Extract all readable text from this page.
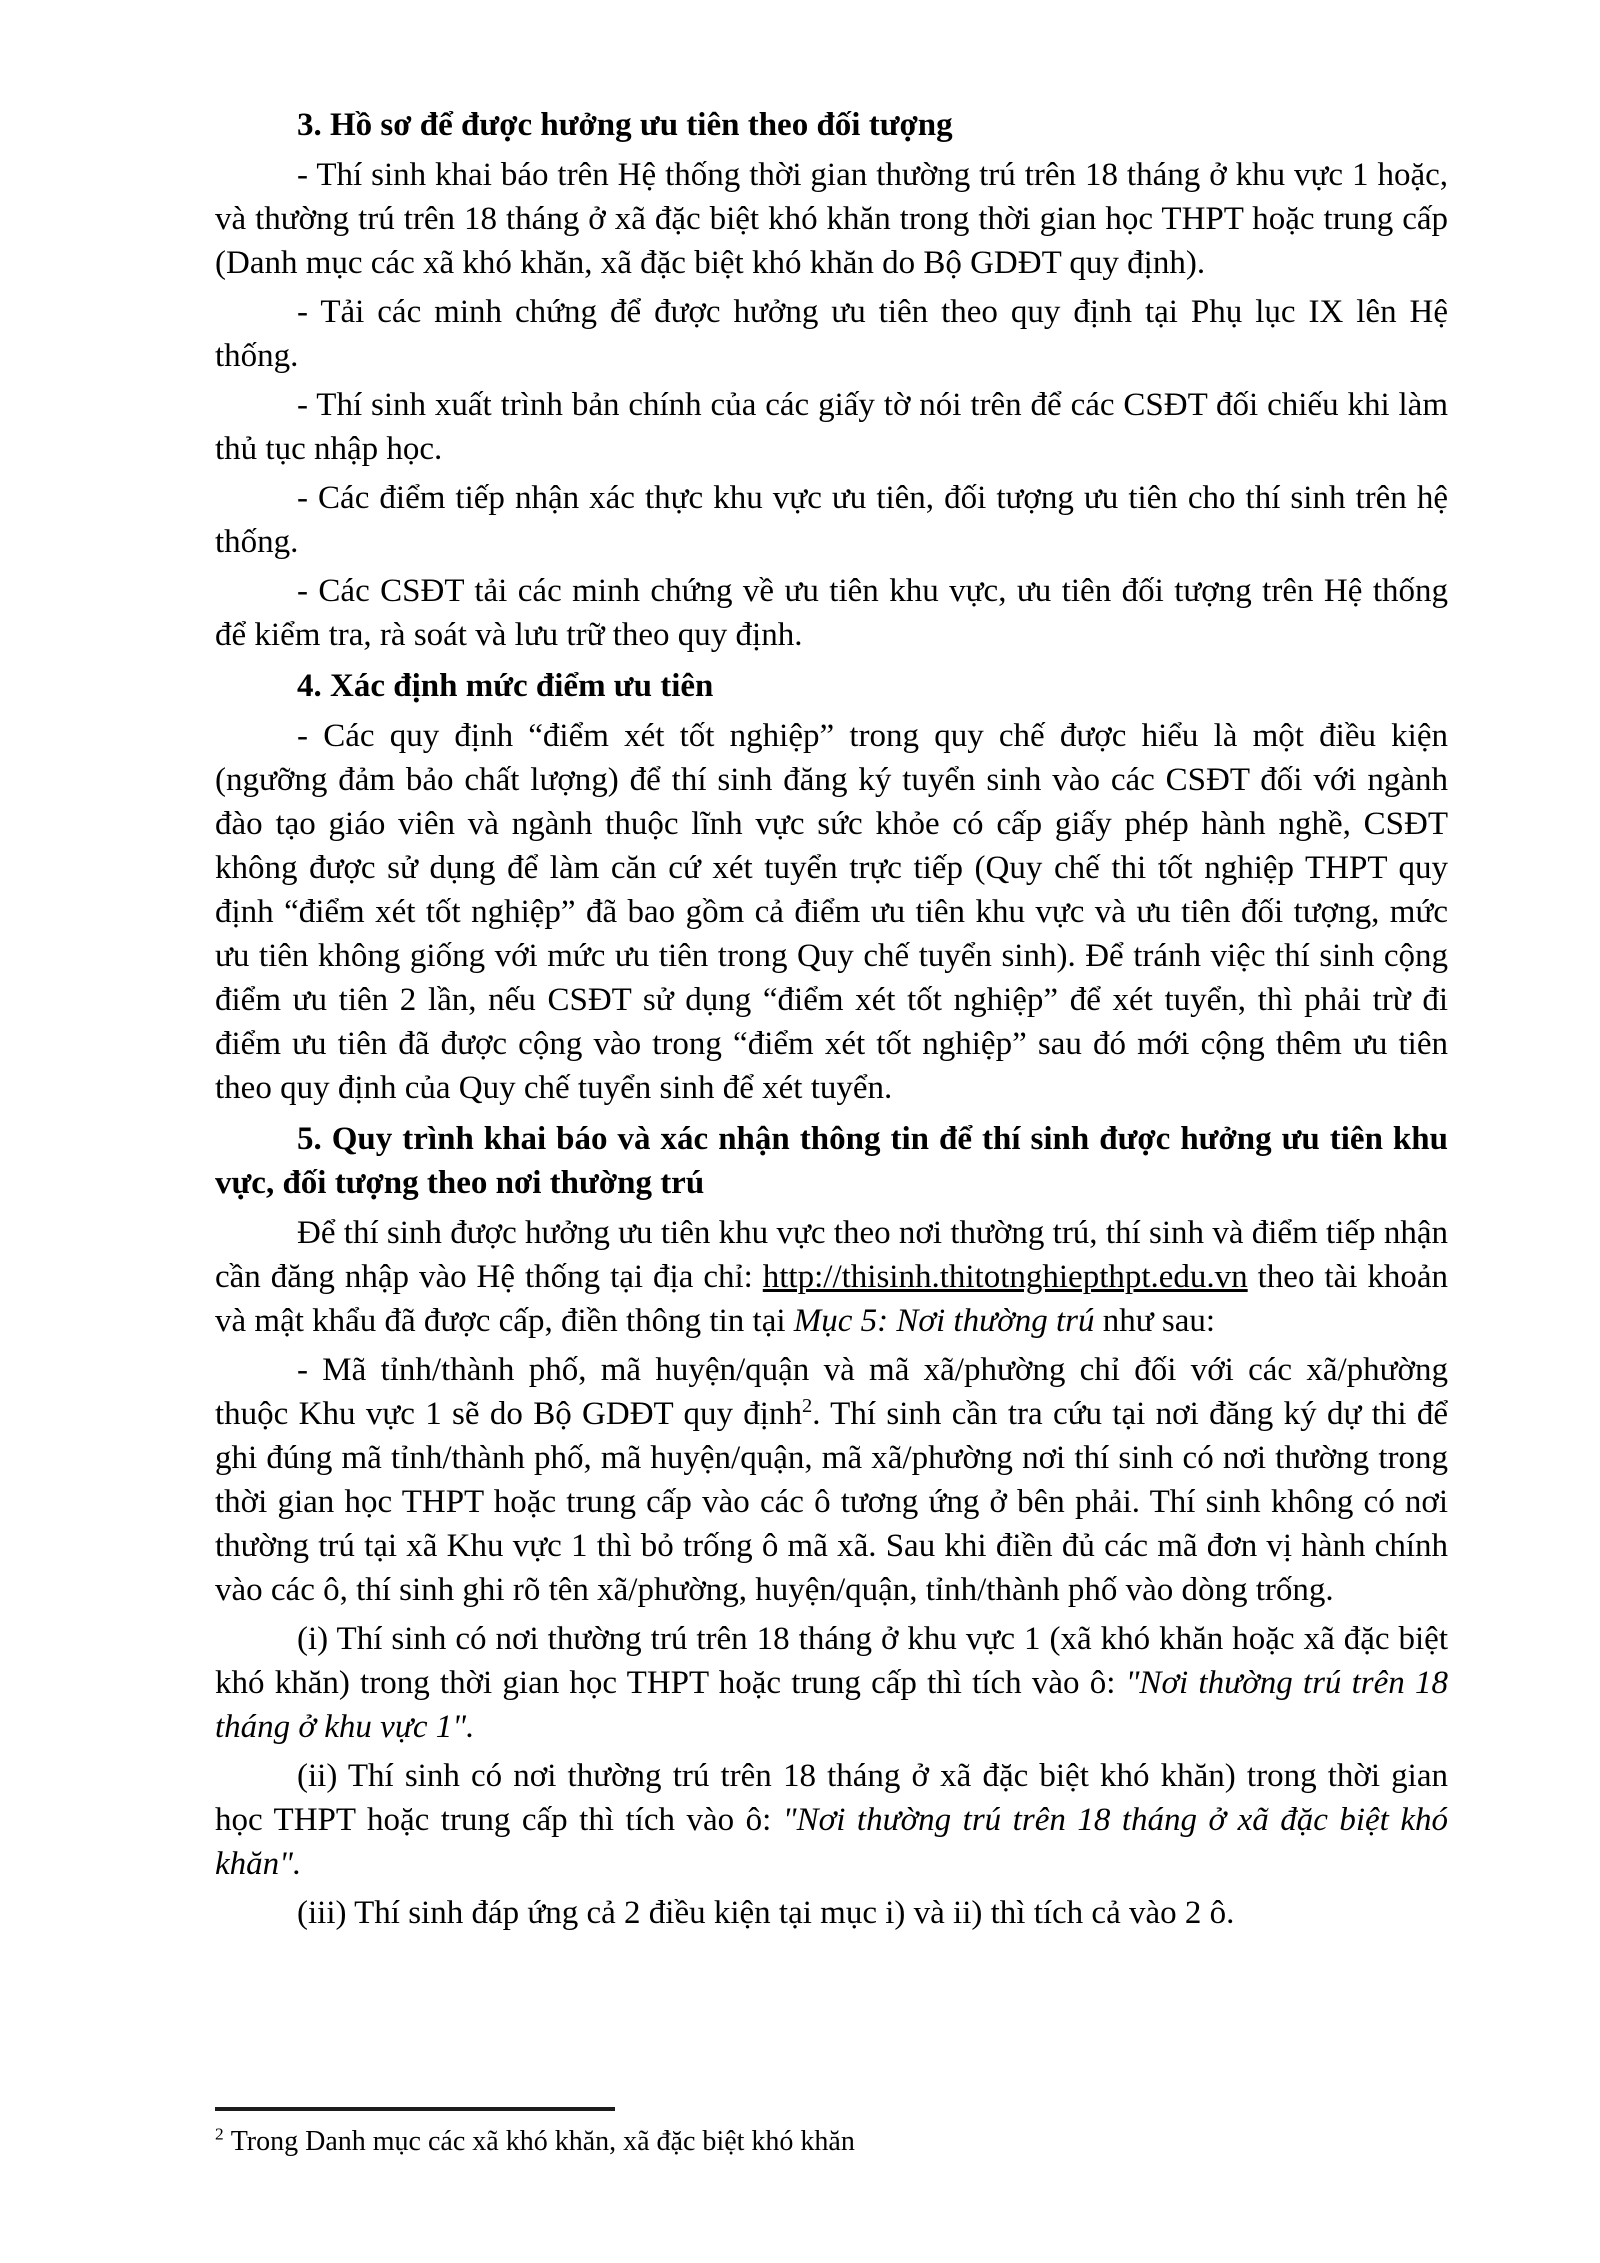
3. Hồ sơ để được hưởng ưu tiên theo đối tượng

- Thí sinh khai báo trên Hệ thống thời gian thường trú trên 18 tháng ở khu vực 1 hoặc, và thường trú trên 18 tháng ở xã đặc biệt khó khăn trong thời gian học THPT hoặc trung cấp (Danh mục các xã khó khăn, xã đặc biệt khó khăn do Bộ GDĐT quy định).

- Tải các minh chứng để được hưởng ưu tiên theo quy định tại Phụ lục IX lên Hệ thống.

- Thí sinh xuất trình bản chính của các giấy tờ nói trên để các CSĐT đối chiếu khi làm thủ tục nhập học.

- Các điểm tiếp nhận xác thực khu vực ưu tiên, đối tượng ưu tiên cho thí sinh trên hệ thống.

- Các CSĐT tải các minh chứng về ưu tiên khu vực, ưu tiên đối tượng trên Hệ thống để kiểm tra, rà soát và lưu trữ theo quy định.

4. Xác định mức điểm ưu tiên

- Các quy định “điểm xét tốt nghiệp” trong quy chế được hiểu là một điều kiện (ngưỡng đảm bảo chất lượng) để thí sinh đăng ký tuyển sinh vào các CSĐT đối với ngành đào tạo giáo viên và ngành thuộc lĩnh vực sức khỏe có cấp giấy phép hành nghề, CSĐT không được sử dụng để làm căn cứ xét tuyển trực tiếp (Quy chế thi tốt nghiệp THPT quy định “điểm xét tốt nghiệp” đã bao gồm cả điểm ưu tiên khu vực và ưu tiên đối tượng, mức ưu tiên không giống với mức ưu tiên trong Quy chế tuyển sinh). Để tránh việc thí sinh cộng điểm ưu tiên 2 lần, nếu CSĐT sử dụng “điểm xét tốt nghiệp” để xét tuyển, thì phải trừ đi điểm ưu tiên đã được cộng vào trong “điểm xét tốt nghiệp” sau đó mới cộng thêm ưu tiên theo quy định của Quy chế tuyển sinh để xét tuyển.

5. Quy trình khai báo và xác nhận thông tin để thí sinh được hưởng ưu tiên khu vực, đối tượng theo nơi thường trú

Để thí sinh được hưởng ưu tiên khu vực theo nơi thường trú, thí sinh và điểm tiếp nhận cần đăng nhập vào Hệ thống tại địa chỉ: http://thisinh.thitotnghiepthpt.edu.vn theo tài khoản và mật khẩu đã được cấp, điền thông tin tại Mục 5: Nơi thường trú như sau:

- Mã tỉnh/thành phố, mã huyện/quận và mã xã/phường chỉ đối với các xã/phường thuộc Khu vực 1 sẽ do Bộ GDĐT quy định$^2$. Thí sinh cần tra cứu tại nơi đăng ký dự thi để ghi đúng mã tỉnh/thành phố, mã huyện/quận, mã xã/phường nơi thí sinh có nơi thường trong thời gian học THPT hoặc trung cấp vào các ô tương ứng ở bên phải. Thí sinh không có nơi thường trú tại xã Khu vực 1 thì bỏ trống ô mã xã. Sau khi điền đủ các mã đơn vị hành chính vào các ô, thí sinh ghi rõ tên xã/phường, huyện/quận, tỉnh/thành phố vào dòng trống.

(i) Thí sinh có nơi thường trú trên 18 tháng ở khu vực 1 (xã khó khăn hoặc xã đặc biệt khó khăn) trong thời gian học THPT hoặc trung cấp thì tích vào ô: "Nơi thường trú trên 18 tháng ở khu vực 1".

(ii) Thí sinh có nơi thường trú trên 18 tháng ở xã đặc biệt khó khăn) trong thời gian học THPT hoặc trung cấp thì tích vào ô: "Nơi thường trú trên 18 tháng ở xã đặc biệt khó khăn".

(iii) Thí sinh đáp ứng cả 2 điều kiện tại mục i) và ii) thì tích cả vào 2 ô.

$^2$ Trong Danh mục các xã khó khăn, xã đặc biệt khó khăn
